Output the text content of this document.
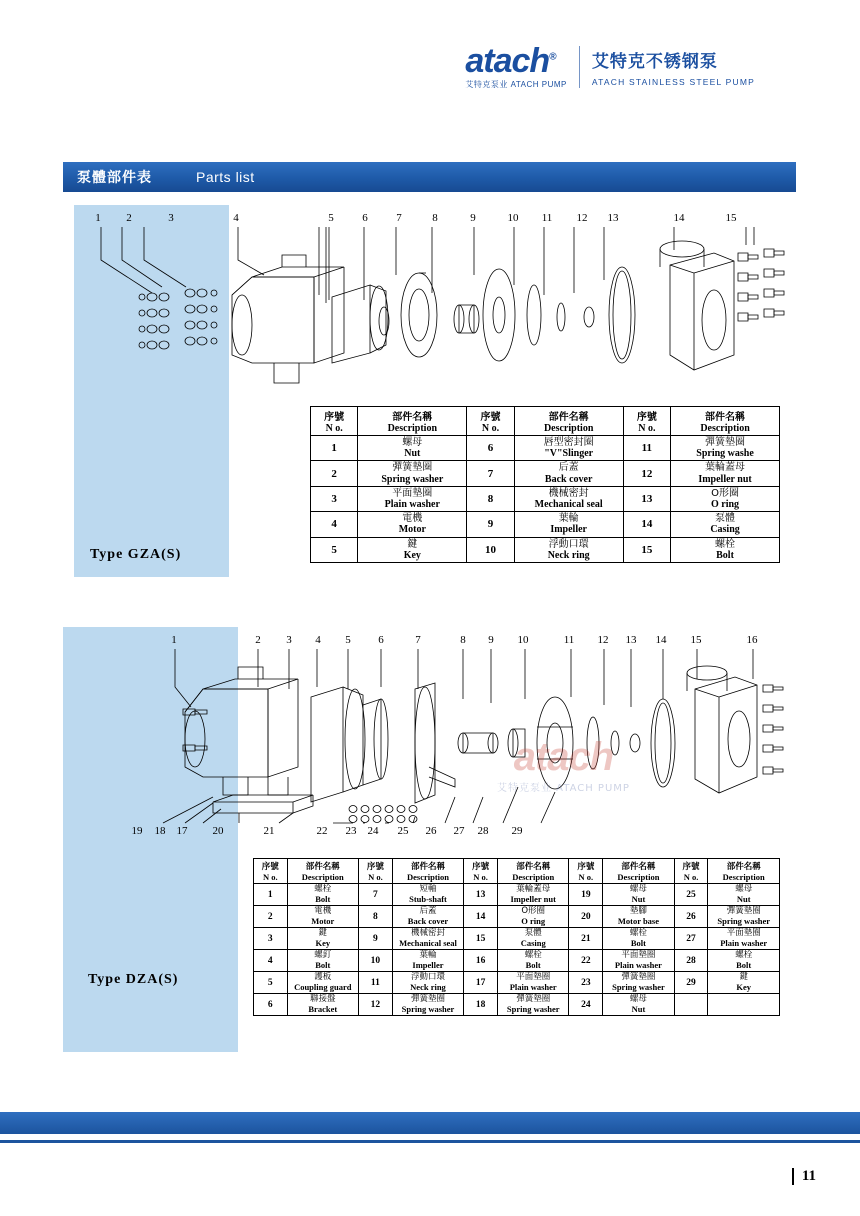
atach®
艾特克泵业 ATACH PUMP
艾特克不锈钢泵
ATACH STAINLESS STEEL PUMP
泵體部件表	Parts list
Type GZA(S)
1	2	3	4	5	6	7	8	9	10 11 12 13	14	15
序號
N o.	部件名稱
Description	序號
N o.	部件名稱
Description	序號
N o.	部件名稱
Description

1	螺母
Nut	6	唇型密封圈
"V"Slinger	11	彈簧墊圈
Spring washe

2	彈簧墊圈
Spring washer	7	后蓋
Back cover	12	葉輪蓋母
Impeller nut

3	平面墊圈
Plain washer	8	機械密封
Mechanical seal	13	O形圈
O ring

4	電機
Motor	9	葉輪
Impeller	14	泵體
Casing

5	鍵
Key	10	浮動口環
Neck ring	15	螺栓
Bolt
Type DZA(S)
1	2	3	4	5	6	7	8	9	10	11 12 13 14 15	16
19	18	17	20	21	22	23	24	25	26	27	28	29
atach
艾特克泵业 ATACH PUMP
序號
N o.	部件名稱
Description	序號
N o.	部件名稱
Description	序號
N o.	部件名稱
Description	序號
N o.	部件名稱
Description	序號
N o.	部件名稱
Description

1	螺栓
Bolt	7	短軸
Stub-shaft	13	葉輪蓋母
Impeller nut	19	螺母
Nut	25	螺母
Nut

2	電機
Motor	8	后蓋
Back cover	14	O形圈
O ring	20	墊腳
Motor base	26	彈簧墊圈
Spring washer

3	鍵
Key	9	機械密封
Mechanical seal	15	泵體
Casing	21	螺栓
Bolt	27	平面墊圈
Plain washer

4	螺釘
Bolt	10	葉輪
Impeller	16	螺栓
Bolt	22	平面墊圈
Plain washer	28	螺栓
Bolt

5	護板
Coupling guard	11	浮動口環
Neck ring	17	平面墊圈
Plain washer	23	彈簧墊圈
Spring washer	29	鍵
Key

6	聯接盤
Bracket	12	彈簧墊圈
Spring washer	18	彈簧墊圈
Spring washer	24	螺母
Nut		

11
